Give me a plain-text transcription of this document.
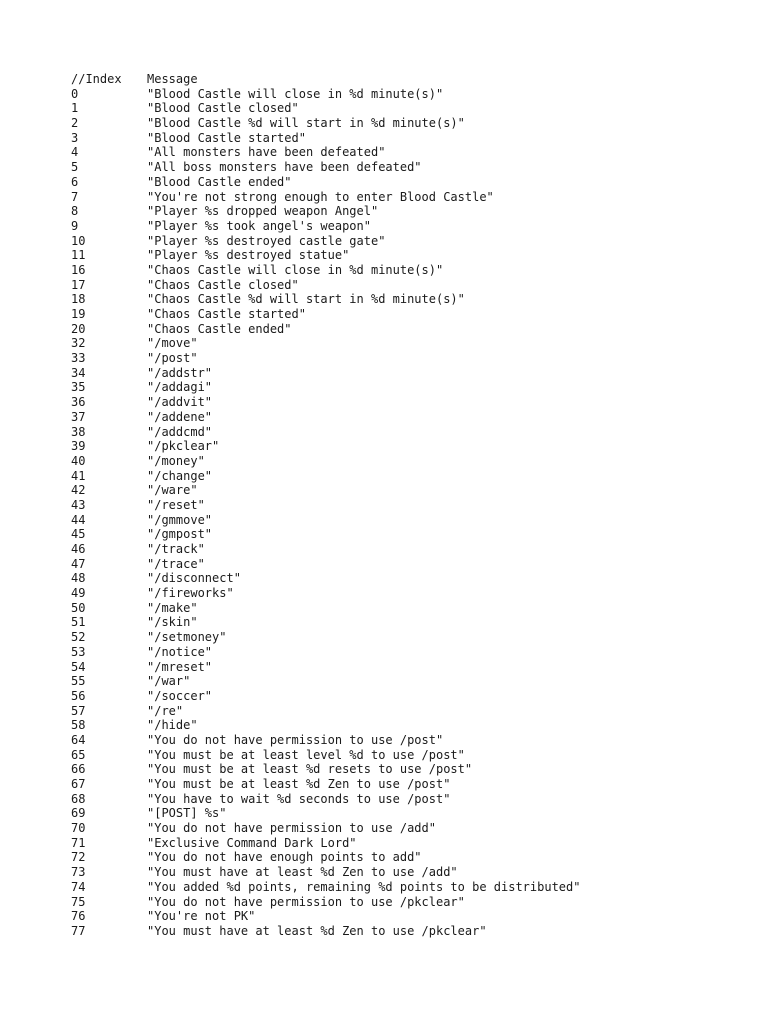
//Index	Message
0	"Blood Castle will close in %d minute(s)"
1	"Blood Castle closed"
2	"Blood Castle %d will start in %d minute(s)"
3	"Blood Castle started"
4	"All monsters have been defeated"
5	"All boss monsters have been defeated"
6	"Blood Castle ended"
7	"You're not strong enough to enter Blood Castle"
8	"Player %s dropped weapon Angel"
9	"Player %s took angel's weapon"
10	"Player %s destroyed castle gate"
11	"Player %s destroyed statue"
16	"Chaos Castle will close in %d minute(s)"
17	"Chaos Castle closed"
18	"Chaos Castle %d will start in %d minute(s)"
19	"Chaos Castle started"
20	"Chaos Castle ended"
32	"/move"
33	"/post"
34	"/addstr"
35	"/addagi"
36	"/addvit"
37	"/addene"
38	"/addcmd"
39	"/pkclear"
40	"/money"
41	"/change"
42	"/ware"
43	"/reset"
44	"/gmmove"
45	"/gmpost"
46	"/track"
47	"/trace"
48	"/disconnect"
49	"/fireworks"
50	"/make"
51	"/skin"
52	"/setmoney"
53	"/notice"
54	"/mreset"
55	"/war"
56	"/soccer"
57	"/re"
58	"/hide"
64	"You do not have permission to use /post"
65	"You must be at least level %d to use /post"
66	"You must be at least %d resets to use /post"
67	"You must be at least %d Zen to use /post"
68	"You have to wait %d seconds to use /post"
69	"[POST] %s"
70	"You do not have permission to use /add"
71	"Exclusive Command Dark Lord"
72	"You do not have enough points to add"
73	"You must have at least %d Zen to use /add"
74	"You added %d points, remaining %d points to be distributed"
75	"You do not have permission to use /pkclear"
76	"You're not PK"
77	"You must have at least %d Zen to use /pkclear"
